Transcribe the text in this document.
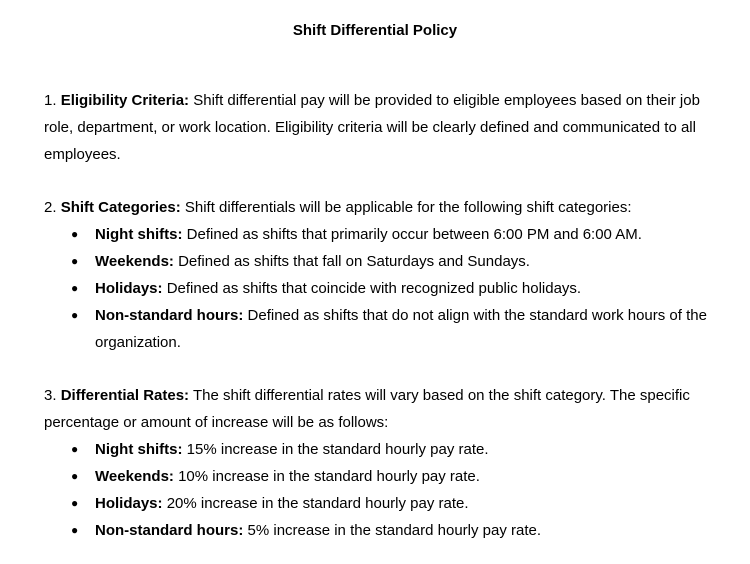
Shift Differential Policy

1. Eligibility Criteria: Shift differential pay will be provided to eligible employees based on their job role, department, or work location. Eligibility criteria will be clearly defined and communicated to all employees.

2. Shift Categories: Shift differentials will be applicable for the following shift categories:

● Night shifts: Defined as shifts that primarily occur between 6:00 PM and 6:00 AM.
● Weekends: Defined as shifts that fall on Saturdays and Sundays.
● Holidays: Defined as shifts that coincide with recognized public holidays.
● Non-standard hours: Defined as shifts that do not align with the standard work hours of the organization.

3. Differential Rates: The shift differential rates will vary based on the shift category. The specific percentage or amount of increase will be as follows:

● Night shifts: 15% increase in the standard hourly pay rate.
● Weekends: 10% increase in the standard hourly pay rate.
● Holidays: 20% increase in the standard hourly pay rate.
● Non-standard hours: 5% increase in the standard hourly pay rate.
